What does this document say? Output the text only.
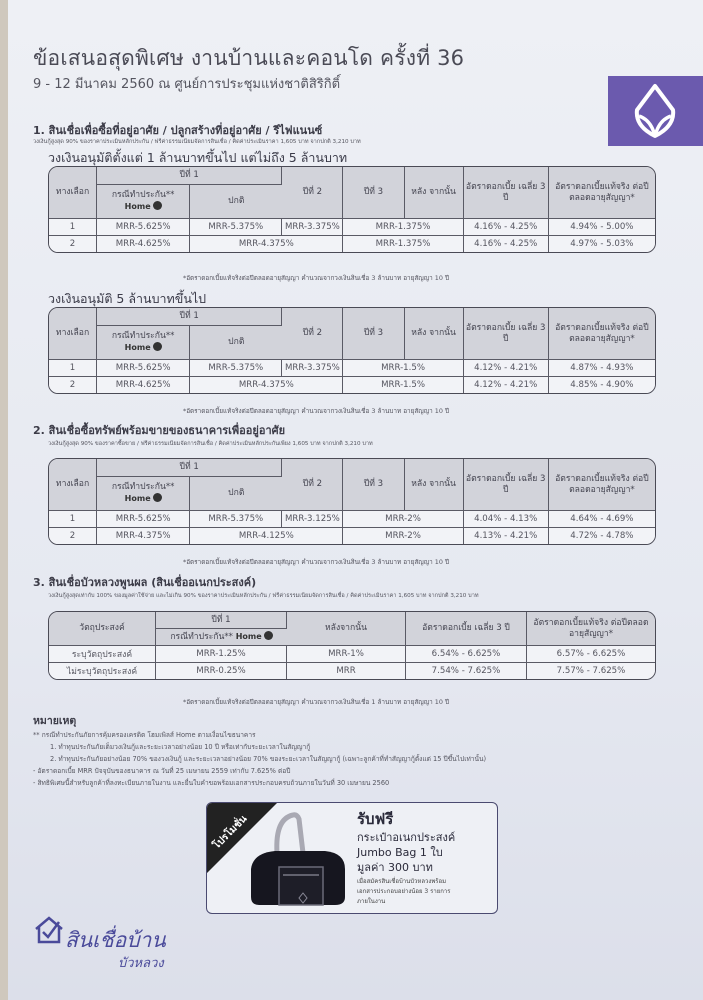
ข้อเสนอสุดพิเศษ งานบ้านและคอนโด ครั้งที่ 36
9 - 12 มีนาคม 2560 ณ ศูนย์การประชุมแห่งชาติสิริกิติ์
1. สินเชื่อเพื่อซื้อที่อยู่อาศัย / ปลูกสร้างที่อยู่อาศัย / รีไฟแนนซ์
วงเงินกู้สูงสุด 90% ของราคาประเมินหลักประกัน / ฟรีค่าธรรมเนียมจัดการสินเชื่อ / คิดค่าประเมินราคา 1,605 บาท จากปกติ 3,210 บาท
วงเงินอนุมัติตั้งแต่ 1 ล้านบาทขึ้นไป แต่ไม่ถึง 5 ล้านบาท
ทางเลือก	ปีที่ 1		ปีที่ 2	ปีที่ 3	หลัง จากนั้น	อัตราดอกเบี้ย เฉลี่ย 3 ปี	อัตราดอกเบี้ยแท้จริง ต่อปีตลอดอายุสัญญา*
	กรณีทำประกัน**
Home	ปกติ					
1	MRR-5.625%	MRR-5.375%	MRR-3.375%	MRR-1.375%		4.16% - 4.25%	4.94% - 5.00%
2	MRR-4.625%	MRR-4.375%		MRR-1.375%		4.16% - 4.25%	4.97% - 5.03%
*อัตราดอกเบี้ยแท้จริงต่อปีตลอดอายุสัญญา คำนวณจากวงเงินสินเชื่อ 3 ล้านบาท อายุสัญญา 10 ปี
วงเงินอนุมัติ 5 ล้านบาทขึ้นไป
ทางเลือก	ปีที่ 1		ปีที่ 2	ปีที่ 3	หลัง จากนั้น	อัตราดอกเบี้ย เฉลี่ย 3 ปี	อัตราดอกเบี้ยแท้จริง ต่อปีตลอดอายุสัญญา*
	กรณีทำประกัน**
Home	ปกติ					
1	MRR-5.625%	MRR-5.375%	MRR-3.375%	MRR-1.5%		4.12% - 4.21%	4.87% - 4.93%
2	MRR-4.625%	MRR-4.375%		MRR-1.5%		4.12% - 4.21%	4.85% - 4.90%
*อัตราดอกเบี้ยแท้จริงต่อปีตลอดอายุสัญญา คำนวณจากวงเงินสินเชื่อ 3 ล้านบาท อายุสัญญา 10 ปี
2. สินเชื่อซื้อทรัพย์พร้อมขายของธนาคารเพื่ออยู่อาศัย
วงเงินกู้สูงสุด 90% ของราคาซื้อขาย / ฟรีค่าธรรมเนียมจัดการสินเชื่อ / คิดค่าประเมินหลักประกันเพียง 1,605 บาท จากปกติ 3,210 บาท
ทางเลือก	ปีที่ 1		ปีที่ 2	ปีที่ 3	หลัง จากนั้น	อัตราดอกเบี้ย เฉลี่ย 3 ปี	อัตราดอกเบี้ยแท้จริง ต่อปีตลอดอายุสัญญา*
	กรณีทำประกัน**
Home	ปกติ					
1	MRR-5.625%	MRR-5.375%	MRR-3.125%	MRR-2%		4.04% - 4.13%	4.64% - 4.69%
2	MRR-4.375%	MRR-4.125%		MRR-2%		4.13% - 4.21%	4.72% - 4.78%
*อัตราดอกเบี้ยแท้จริงต่อปีตลอดอายุสัญญา คำนวณจากวงเงินสินเชื่อ 3 ล้านบาท อายุสัญญา 10 ปี
3. สินเชื่อบัวหลวงพูนผล (สินเชื่ออเนกประสงค์)
วงเงินกู้สูงสุดเท่ากับ 100% ของมูลค่าใช้จ่าย และไม่เกิน 90% ของราคาประเมินหลักประกัน / ฟรีค่าธรรมเนียมจัดการสินเชื่อ / คิดค่าประเมินราคา 1,605 บาท จากปกติ 3,210 บาท
วัตถุประสงค์	ปีที่ 1	หลังจากนั้น	อัตราดอกเบี้ย เฉลี่ย 3 ปี	อัตราดอกเบี้ยแท้จริง ต่อปีตลอดอายุสัญญา*
	กรณีทำประกัน** Home			
ระบุวัตถุประสงค์	MRR-1.25%	MRR-1%	6.54% - 6.625%	6.57% - 6.625%
ไม่ระบุวัตถุประสงค์	MRR-0.25%	MRR	7.54% - 7.625%	7.57% - 7.625%
*อัตราดอกเบี้ยแท้จริงต่อปีตลอดอายุสัญญา คำนวณจากวงเงินสินเชื่อ 1 ล้านบาท อายุสัญญา 10 ปี
หมายเหตุ
** กรณีทำประกันภัยการคุ้มครองเครดิต โฮมเพิลส์ Home ตามเงื่อนไขธนาคาร
1. ทำทุนประกันภัยเต็มวงเงินกู้และระยะเวลาอย่างน้อย 10 ปี หรือเท่ากับระยะเวลาในสัญญากู้
2. ทำทุนประกันภัยอย่างน้อย 70% ของวงเงินกู้ และระยะเวลาอย่างน้อย 70% ของระยะเวลาในสัญญากู้ (เฉพาะลูกค้าที่ทำสัญญากู้ตั้งแต่ 15 ปีขึ้นไปเท่านั้น)
- อัตราดอกเบี้ย MRR ปัจจุบันของธนาคาร ณ วันที่ 25 เมษายน 2559 เท่ากับ 7.625% ต่อปี
- สิทธิพิเศษนี้สำหรับลูกค้าที่ลงทะเบียนภายในงาน และยื่นใบคำขอพร้อมเอกสารประกอบครบถ้วนภายในวันที่ 30 เมษายน 2560
โปรโมชั่น	รับฟรี
กระเป๋าอเนกประสงค์
Jumbo Bag 1 ใบ
มูลค่า 300 บาท
เมื่อสมัครสินเชื่อบ้านบัวหลวงพร้อม
เอกสารประกอบอย่างน้อย 3 รายการ
ภายในงาน
สินเชื่อบ้าน
บัวหลวง
